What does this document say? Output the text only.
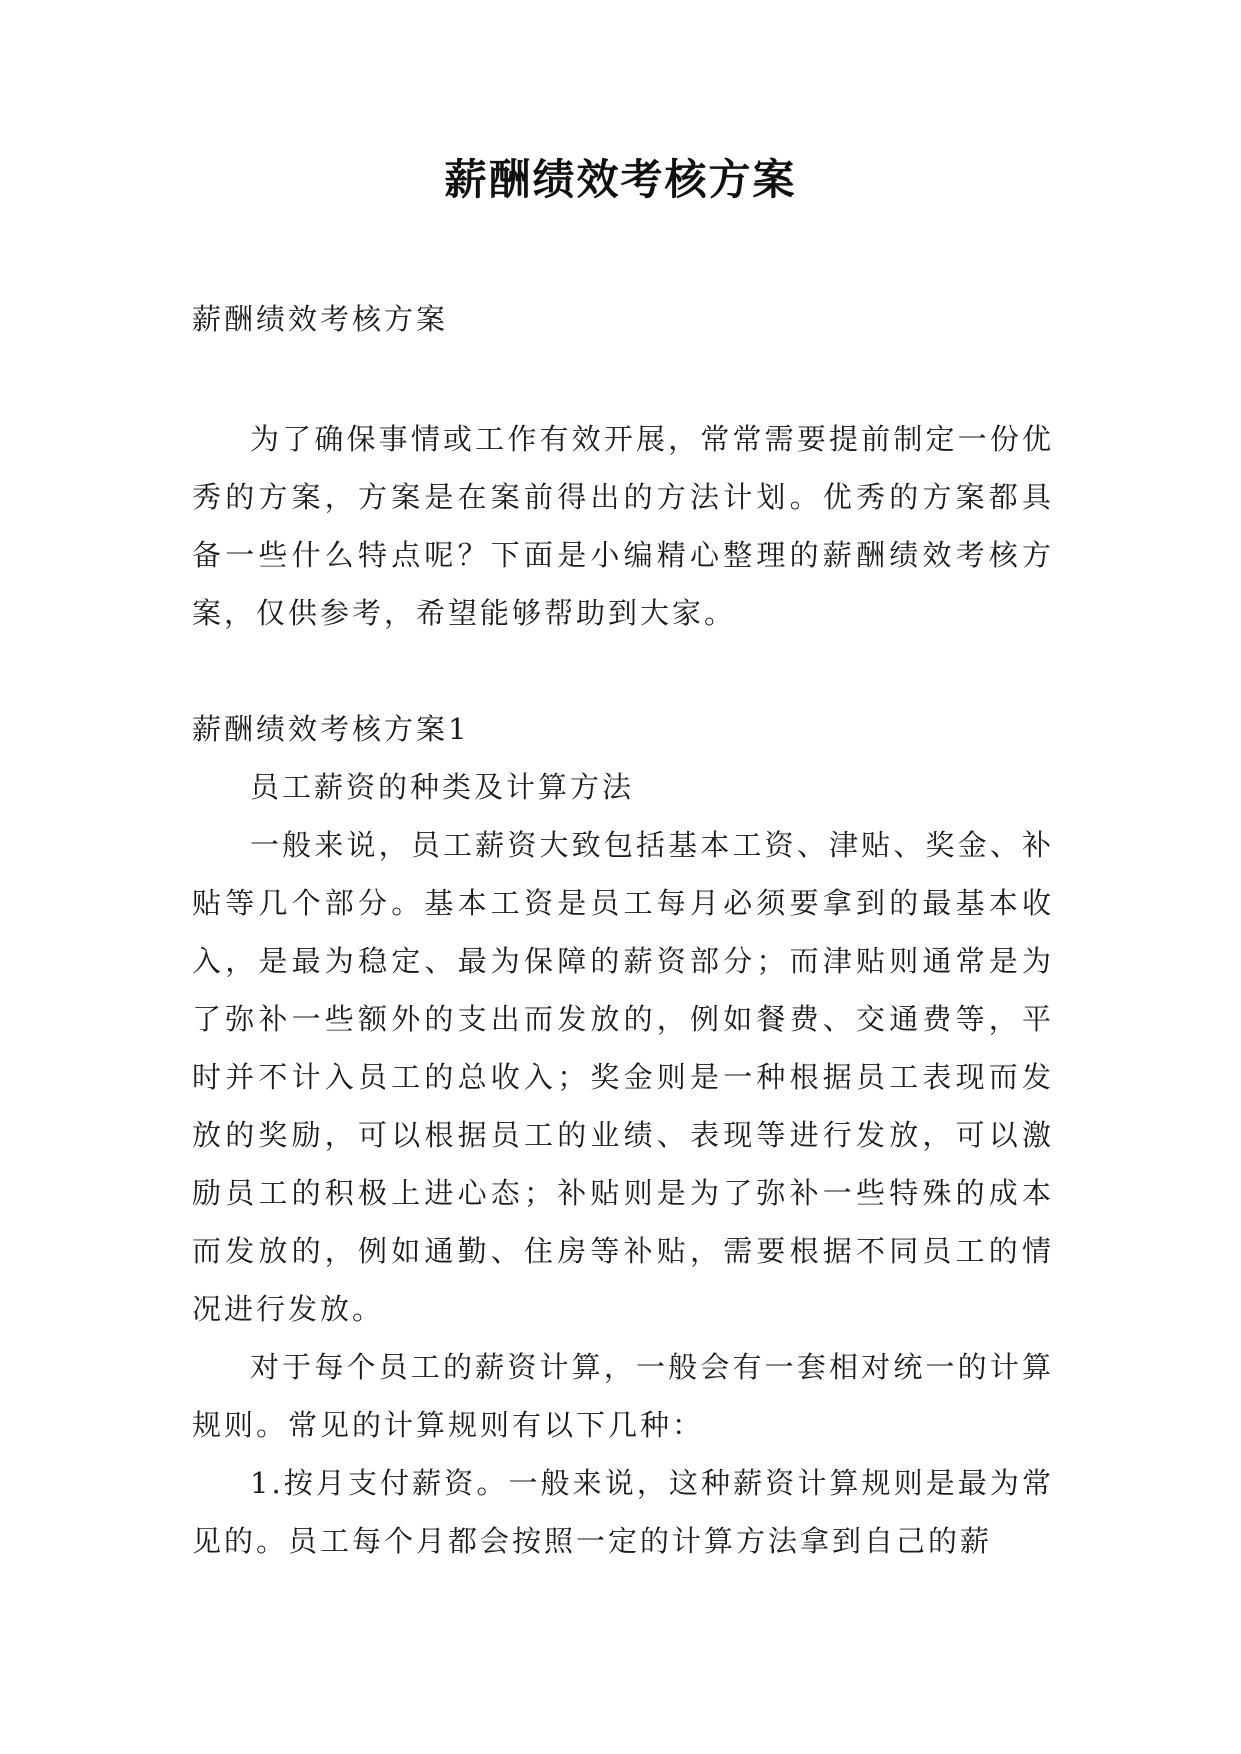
薪酬绩效考核方案

薪酬绩效考核方案

为了确保事情或工作有效开展，常常需要提前制定一份优秀的方案，方案是在案前得出的方法计划。优秀的方案都具备一些什么特点呢？下面是小编精心整理的薪酬绩效考核方案，仅供参考，希望能够帮助到大家。

薪酬绩效考核方案1

员工薪资的种类及计算方法

一般来说，员工薪资大致包括基本工资、津贴、奖金、补贴等几个部分。基本工资是员工每月必须要拿到的最基本收入，是最为稳定、最为保障的薪资部分；而津贴则通常是为了弥补一些额外的支出而发放的，例如餐费、交通费等，平时并不计入员工的总收入；奖金则是一种根据员工表现而发放的奖励，可以根据员工的业绩、表现等进行发放，可以激励员工的积极上进心态；补贴则是为了弥补一些特殊的成本而发放的，例如通勤、住房等补贴，需要根据不同员工的情况进行发放。

对于每个员工的薪资计算，一般会有一套相对统一的计算规则。常见的计算规则有以下几种：

1.按月支付薪资。一般来说，这种薪资计算规则是最为常见的。员工每个月都会按照一定的计算方法拿到自己的薪
